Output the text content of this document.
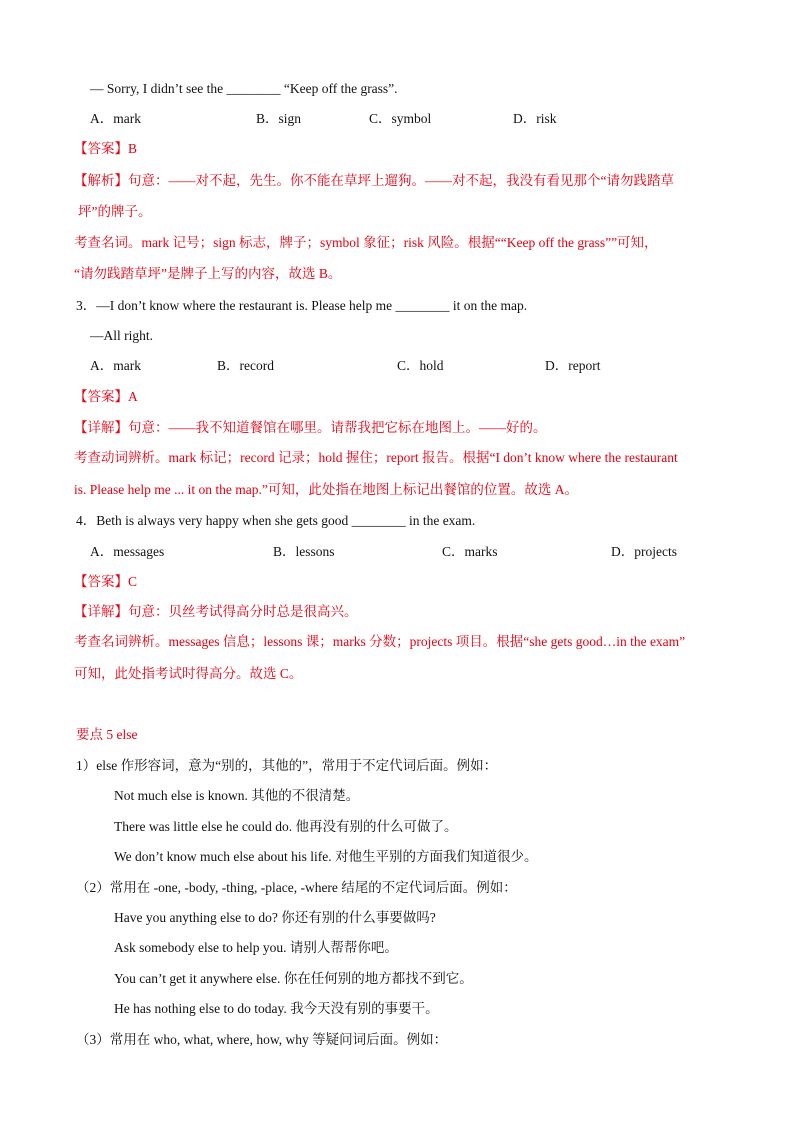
— Sorry, I didn’t see the ________ “Keep off the grass”.
A．mark	B．sign	C．symbol	D．risk
【答案】B
【解析】句意：——对不起，先生。你不能在草坪上遛狗。——对不起，我没有看见那个“请勿践踏草
坪”的牌子。
考查名词。mark 记号；sign 标志，牌子；symbol 象征；risk 风险。根据““Keep off the grass””可知，
“请勿践踏草坪”是牌子上写的内容，故选 B。
3．—I don’t know where the restaurant is. Please help me ________ it on the map.
—All right.
A．mark	B．record	C．hold	D．report
【答案】A
【详解】句意：——我不知道餐馆在哪里。请帮我把它标在地图上。——好的。
考查动词辨析。mark 标记；record 记录；hold 握住；report 报告。根据“I don’t know where the restaurant
is. Please help me ... it on the map.”可知，此处指在地图上标记出餐馆的位置。故选 A。
4．Beth is always very happy when she gets good ________ in the exam.
A．messages	B．lessons	C．marks	D．projects
【答案】C
【详解】句意：贝丝考试得高分时总是很高兴。
考查名词辨析。messages 信息；lessons 课；marks 分数；projects 项目。根据“she gets good…in the exam”
可知，此处指考试时得高分。故选 C。
要点 5 else
1）else 作形容词，意为“别的，其他的”，常用于不定代词后面。例如：
Not much else is known. 其他的不很清楚。
There was little else he could do. 他再没有别的什么可做了。
We don’t know much else about his life. 对他生平别的方面我们知道很少。
（2）常用在 -one, -body, -thing, -place, -where 结尾的不定代词后面。例如：
Have you anything else to do? 你还有别的什么事要做吗?
Ask somebody else to help you. 请别人帮帮你吧。
You can’t get it anywhere else. 你在任何别的地方都找不到它。
He has nothing else to do today. 我今天没有别的事要干。
（3）常用在 who, what, where, how, why 等疑问词后面。例如：
